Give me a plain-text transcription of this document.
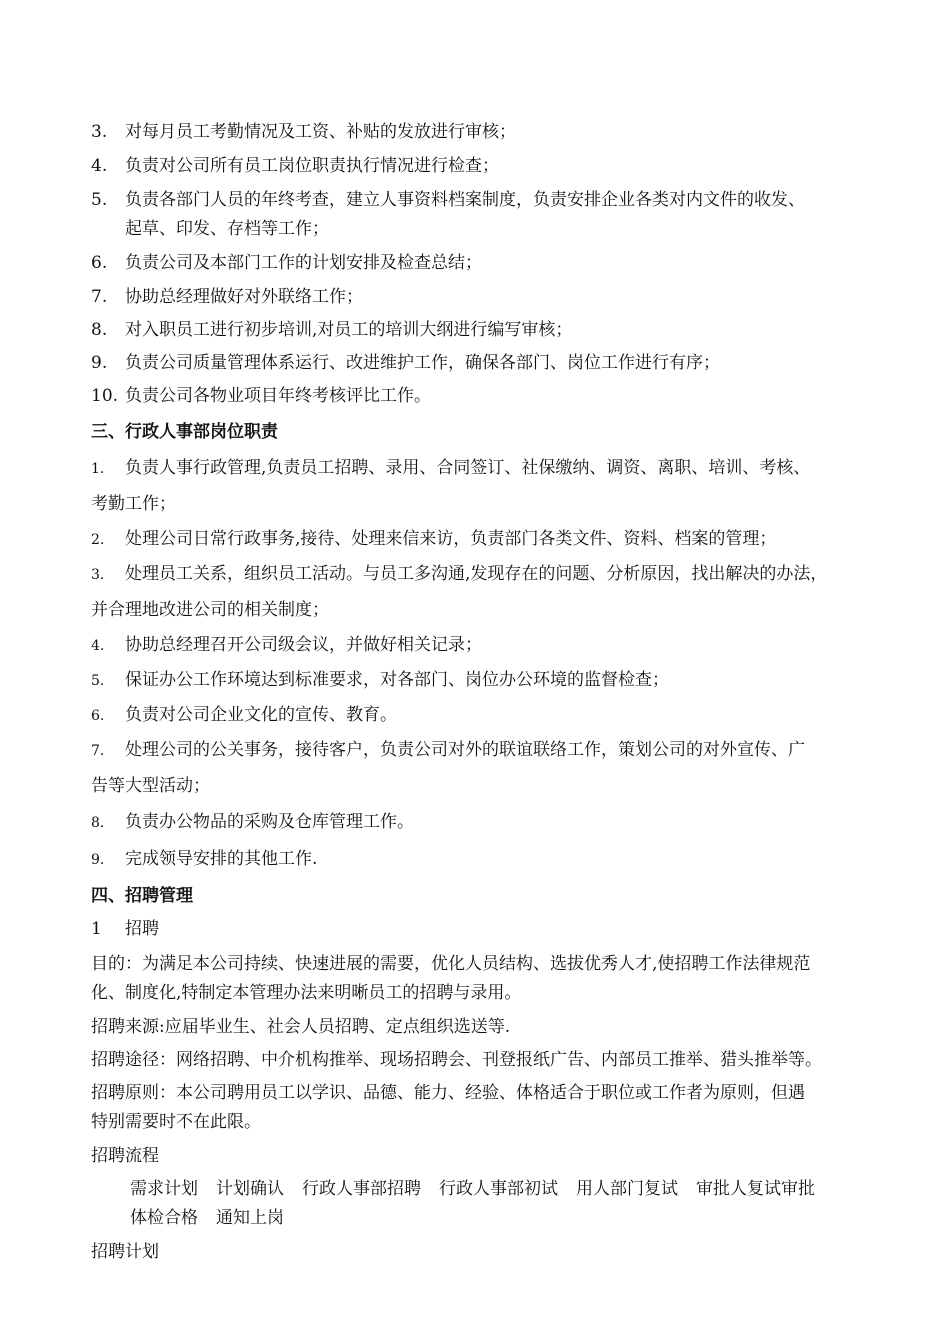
3. 对每月员工考勤情况及工资、补贴的发放进行审核；
4. 负责对公司所有员工岗位职责执行情况进行检查；
5. 负责各部门人员的年终考查，建立人事资料档案制度，负责安排企业各类对内文件的收发、
起草、印发、存档等工作；
6. 负责公司及本部门工作的计划安排及检查总结；
7. 协助总经理做好对外联络工作；
8. 对入职员工进行初步培训,对员工的培训大纲进行编写审核；
9. 负责公司质量管理体系运行、改进维护工作，确保各部门、岗位工作进行有序；
10. 负责公司各物业项目年终考核评比工作。
三、行政人事部岗位职责
1. 负责人事行政管理,负责员工招聘、录用、合同签订、社保缴纳、调资、离职、培训、考核、
考勤工作；
2. 处理公司日常行政事务,接待、处理来信来访，负责部门各类文件、资料、档案的管理；
3. 处理员工关系，组织员工活动。与员工多沟通,发现存在的问题、分析原因，找出解决的办法，
并合理地改进公司的相关制度；
4. 协助总经理召开公司级会议，并做好相关记录；
5. 保证办公工作环境达到标准要求，对各部门、岗位办公环境的监督检查；
6. 负责对公司企业文化的宣传、教育。
7. 处理公司的公关事务，接待客户，负责公司对外的联谊联络工作，策划公司的对外宣传、广
告等大型活动；
8. 负责办公物品的采购及仓库管理工作。
9. 完成领导安排的其他工作.
四、招聘管理
1 招聘
目的：为满足本公司持续、快速进展的需要，优化人员结构、选拔优秀人才,使招聘工作法律规范
化、制度化,特制定本管理办法来明晰员工的招聘与录用。
招聘来源:应届毕业生、社会人员招聘、定点组织选送等.
招聘途径：网络招聘、中介机构推举、现场招聘会、刊登报纸广告、内部员工推举、猎头推举等。
招聘原则：本公司聘用员工以学识、品德、能力、经验、体格适合于职位或工作者为原则，但遇
特别需要时不在此限。
招聘流程
需求计划 计划确认 行政人事部招聘 行政人事部初试 用人部门复试 审批人复试审批
体检合格 通知上岗
招聘计划
